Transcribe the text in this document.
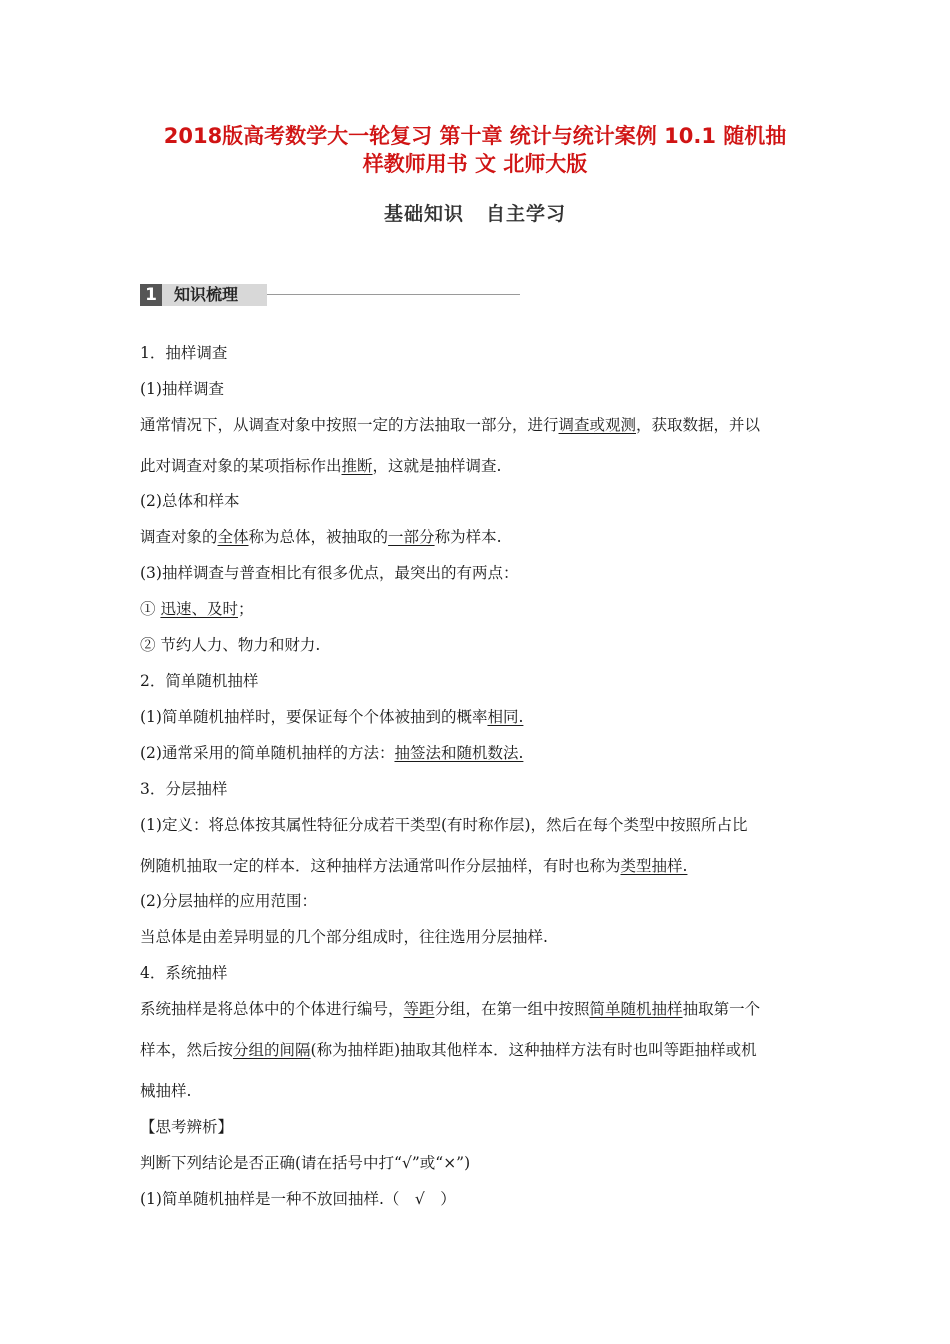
2018版高考数学大一轮复习 第十章 统计与统计案例 10.1 随机抽
样教师用书 文 北师大版
基础知识 自主学习
1	知识梳理
1．抽样调查
(1)抽样调查
通常情况下，从调查对象中按照一定的方法抽取一部分，进行调查或观测，获取数据，并以
此对调查对象的某项指标作出推断，这就是抽样调查.
(2)总体和样本
调查对象的全体称为总体，被抽取的一部分称为样本.
(3)抽样调查与普查相比有很多优点，最突出的有两点：
① 迅速、及时；
② 节约人力、物力和财力.
2．简单随机抽样
(1)简单随机抽样时，要保证每个个体被抽到的概率相同.
(2)通常采用的简单随机抽样的方法：抽签法和随机数法.
3．分层抽样
(1)定义：将总体按其属性特征分成若干类型(有时称作层)，然后在每个类型中按照所占比
例随机抽取一定的样本．这种抽样方法通常叫作分层抽样，有时也称为类型抽样.
(2)分层抽样的应用范围：
当总体是由差异明显的几个部分组成时，往往选用分层抽样.
4．系统抽样
系统抽样是将总体中的个体进行编号，等距分组，在第一组中按照简单随机抽样抽取第一个
样本，然后按分组的间隔(称为抽样距)抽取其他样本．这种抽样方法有时也叫等距抽样或机
械抽样.
【思考辨析】
判断下列结论是否正确(请在括号中打“√”或“×”)
(1)简单随机抽样是一种不放回抽样.（　√　）
